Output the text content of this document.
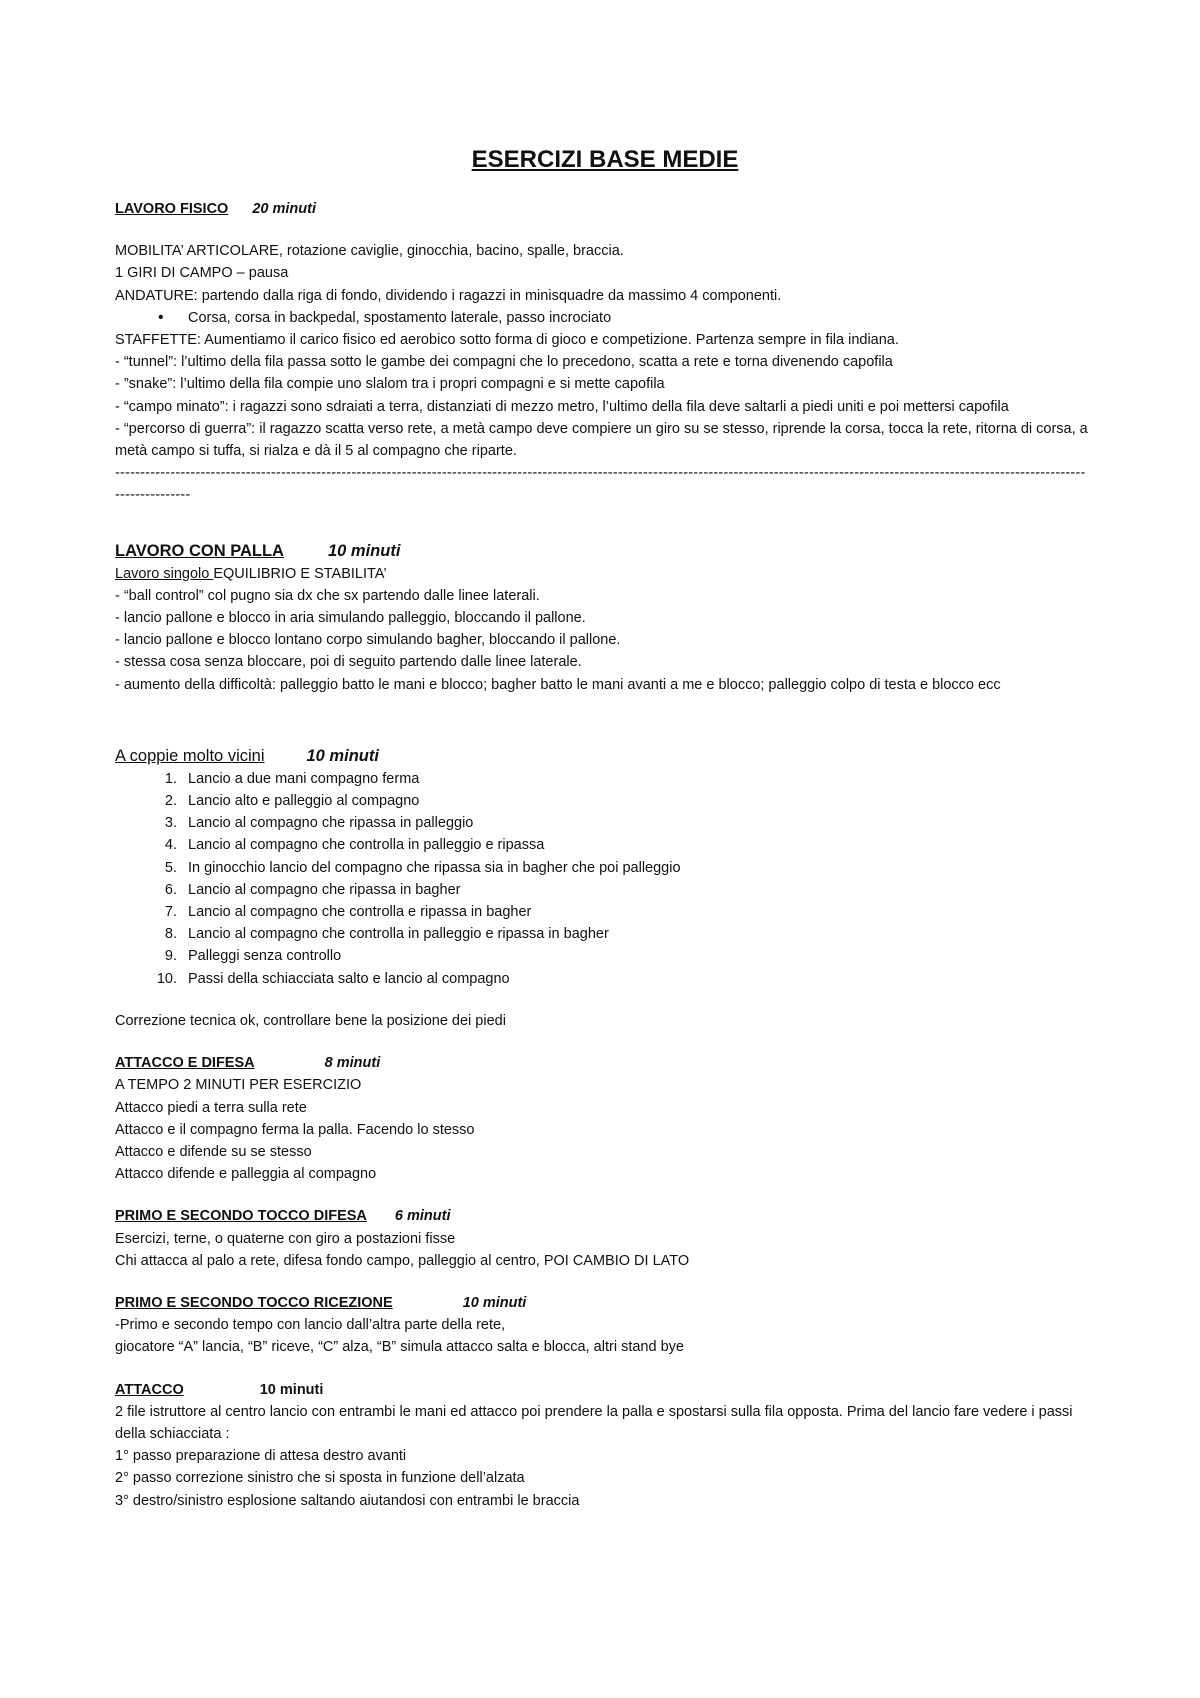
ESERCIZI BASE MEDIE
LAVORO FISICO 20 minuti
MOBILITA’ ARTICOLARE, rotazione caviglie, ginocchia, bacino, spalle, braccia.
1 GIRI DI CAMPO – pausa
ANDATURE: partendo dalla riga di fondo, dividendo i ragazzi in minisquadre da massimo 4 componenti.
• Corsa, corsa in backpedal, spostamento laterale, passo incrociato
STAFFETTE: Aumentiamo il carico fisico ed aerobico sotto forma di gioco e competizione. Partenza sempre in fila indiana.
- “tunnel”: l’ultimo della fila passa sotto le gambe dei compagni che lo precedono, scatta a rete e torna divenendo capofila
- ”snake”: l’ultimo della fila compie uno slalom tra i propri compagni e si mette capofila
- “campo minato”: i ragazzi sono sdraiati a terra, distanziati di mezzo metro, l’ultimo della fila deve saltarli a piedi uniti e poi mettersi capofila
- “percorso di guerra”: il ragazzo scatta verso rete, a metà campo deve compiere un giro su se stesso, riprende la corsa, tocca la rete, ritorna di corsa, a metà campo si tuffa, si rialza e dà il 5 al compagno che riparte.
-------------------------------------------------------------------------------------------------------------------------------------------------------------------------------------------------
---------------
LAVORO CON PALLA	10 minuti
Lavoro singolo EQUILIBRIO E STABILITA’
- “ball control” col pugno sia dx che sx partendo dalle linee laterali.
- lancio pallone e blocco in aria simulando palleggio, bloccando il pallone.
- lancio pallone e blocco lontano corpo simulando bagher, bloccando il pallone.
- stessa cosa senza bloccare, poi di seguito partendo dalle linee laterale.
- aumento della difficoltà: palleggio batto le mani e blocco; bagher batto le mani avanti a me e blocco; palleggio colpo di testa e blocco ecc
A coppie molto vicini	10 minuti
1. Lancio a due mani compagno ferma
2. Lancio alto e palleggio al compagno
3. Lancio al compagno che ripassa in palleggio
4. Lancio al compagno che controlla in palleggio e ripassa
5. In ginocchio lancio del compagno che ripassa sia in bagher che poi palleggio
6. Lancio al compagno che ripassa in bagher
7. Lancio al compagno che controlla e ripassa in bagher
8. Lancio al compagno che controlla in palleggio e ripassa in bagher
9. Palleggi senza controllo
10. Passi della schiacciata salto e lancio al compagno
Correzione tecnica ok, controllare bene la posizione dei piedi
ATTACCO E DIFESA	8 minuti
A TEMPO 2 MINUTI PER ESERCIZIO
Attacco piedi a terra sulla rete
Attacco e il compagno ferma la palla. Facendo lo stesso
Attacco e difende su se stesso
Attacco difende e palleggia al compagno
PRIMO E SECONDO TOCCO DIFESA 6 minuti
Esercizi, terne, o quaterne con giro a postazioni fisse
Chi attacca al palo a rete, difesa fondo campo, palleggio al centro, POI CAMBIO DI LATO
PRIMO E SECONDO TOCCO RICEZIONE	10 minuti
-Primo e secondo tempo con lancio dall’altra parte della rete,
giocatore “A” lancia, “B” riceve, “C” alza, “B” simula attacco salta e blocca, altri stand bye
ATTACCO	10 minuti
2 file istruttore al centro lancio con entrambi le mani ed attacco poi prendere la palla e spostarsi sulla fila opposta. Prima del lancio fare vedere i passi della schiacciata :
1° passo preparazione di attesa destro avanti
2° passo correzione sinistro che si sposta in funzione dell’alzata
3° destro/sinistro esplosione saltando aiutandosi con entrambi le braccia
